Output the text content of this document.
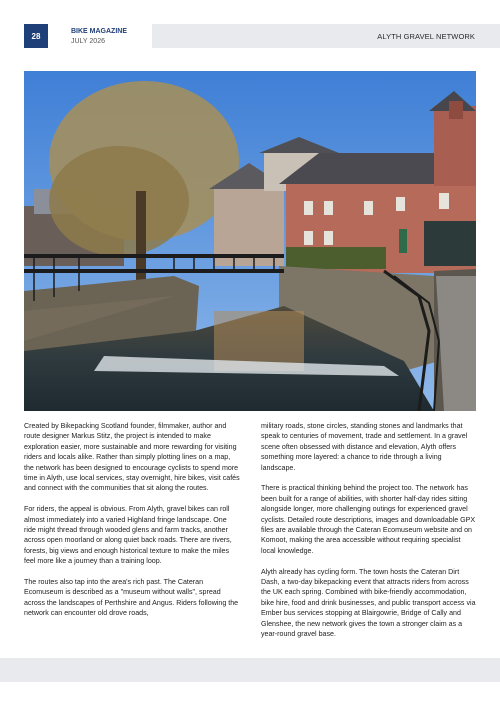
28	BIKE MAGAZINE
JULY 2026
ALYTH GRAVEL NETWORK

Created by Bikepacking Scotland founder, filmmaker, author and route designer Markus Stitz, the project is intended to make exploration easier, more sustainable and more rewarding for visiting riders and locals alike. Rather than simply plotting lines on a map, the network has been designed to encourage cyclists to spend more time in Alyth, use local services, stay overnight, hire bikes, visit cafés and connect with the communities that sit along the routes.

For riders, the appeal is obvious. From Alyth, gravel bikes can roll almost immediately into a varied Highland fringe landscape. One ride might thread through wooded glens and farm tracks, another across open moorland or along quiet back roads. There are rivers, forests, big views and enough historical texture to make the miles feel more like a journey than a training loop.

The routes also tap into the area's rich past. The Cateran Ecomuseum is described as a "museum without walls", spread across the landscapes of Perthshire and Angus. Riders following the network can encounter old drove roads,

military roads, stone circles, standing stones and landmarks that speak to centuries of movement, trade and settlement. In a gravel scene often obsessed with distance and elevation, Alyth offers something more layered: a chance to ride through a living landscape.

There is practical thinking behind the project too. The network has been built for a range of abilities, with shorter half-day rides sitting alongside longer, more challenging outings for experienced gravel cyclists. Detailed route descriptions, images and downloadable GPX files are available through the Cateran Ecomuseum website and on Komoot, making the area accessible without requiring specialist local knowledge.

Alyth already has cycling form. The town hosts the Cateran Dirt Dash, a two-day bikepacking event that attracts riders from across the UK each spring. Combined with bike-friendly accommodation, bike hire, food and drink businesses, and public transport access via Ember bus services stopping at Blairgowrie, Bridge of Cally and Glenshee, the new network gives the town a stronger claim as a year-round gravel base.
